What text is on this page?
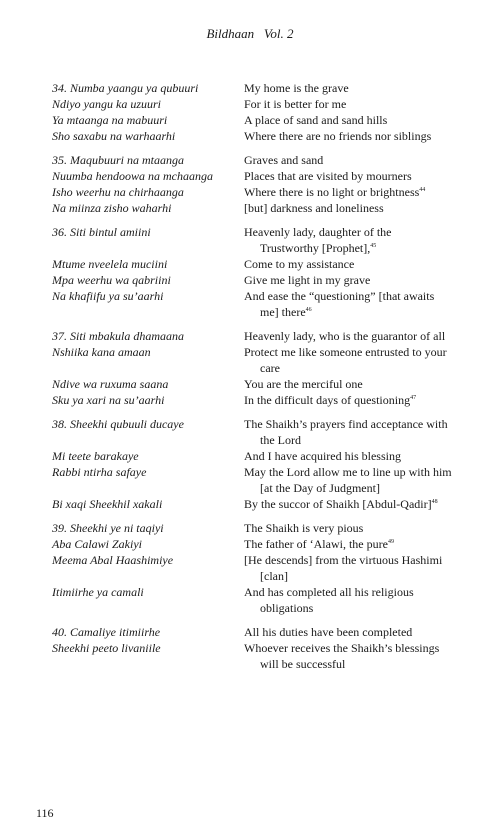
Bildhaan Vol. 2
34. Numba yaangu ya qubuuri	My home is the grave
Ndiyo yangu ka uzuuri	For it is better for me
Ya mtaanga na mabuuri	A place of sand and sand hills
Sho saxabu na warhaarhi	Where there are no friends nor siblings
35. Maqubuuri na mtaanga	Graves and sand
Nuumba hendoowa na mchaanga	Places that are visited by mourners
Isho weerhu na chirhaanga	Where there is no light or brightness$^{44}$
Na miinza zisho waharhi	[but] darkness and loneliness
36. Siti bintul amiini	Heavenly lady, daughter of the Trustworthy [Prophet],$^{45}$
Mtume nveelela muciini	Come to my assistance
Mpa weerhu wa qabriini	Give me light in my grave
Na khafiifu ya su’aarhi	And ease the “questioning” [that awaits me] there$^{46}$
37. Siti mbakula dhamaana	Heavenly lady, who is the guarantor of all
Nshiika kana amaan	Protect me like someone entrusted to your care
Ndive wa ruxuma saana	You are the merciful one
Sku ya xari na su’aarhi	In the difficult days of questioning$^{47}$
38. Sheekhi qubuuli ducaye	The Shaikh’s prayers find acceptance with the Lord
Mi teete barakaye	And I have acquired his blessing
Rabbi ntirha safaye	May the Lord allow me to line up with him [at the Day of Judgment]
Bi xaqi Sheekhil xakali	By the succor of Shaikh [Abdul-Qadir]$^{48}$
39. Sheekhi ye ni taqiyi	The Shaikh is very pious
Aba Calawi Zakiyi	The father of ‘Alawi, the pure$^{49}$
Meema Abal Haashimiye	[He descends] from the virtuous Hashimi [clan]
Itimiirhe ya camali	And has completed all his religious obligations
40. Camaliye itimiirhe	All his duties have been completed
Sheekhi peeto livaniile	Whoever receives the Shaikh’s blessings will be successful
116
